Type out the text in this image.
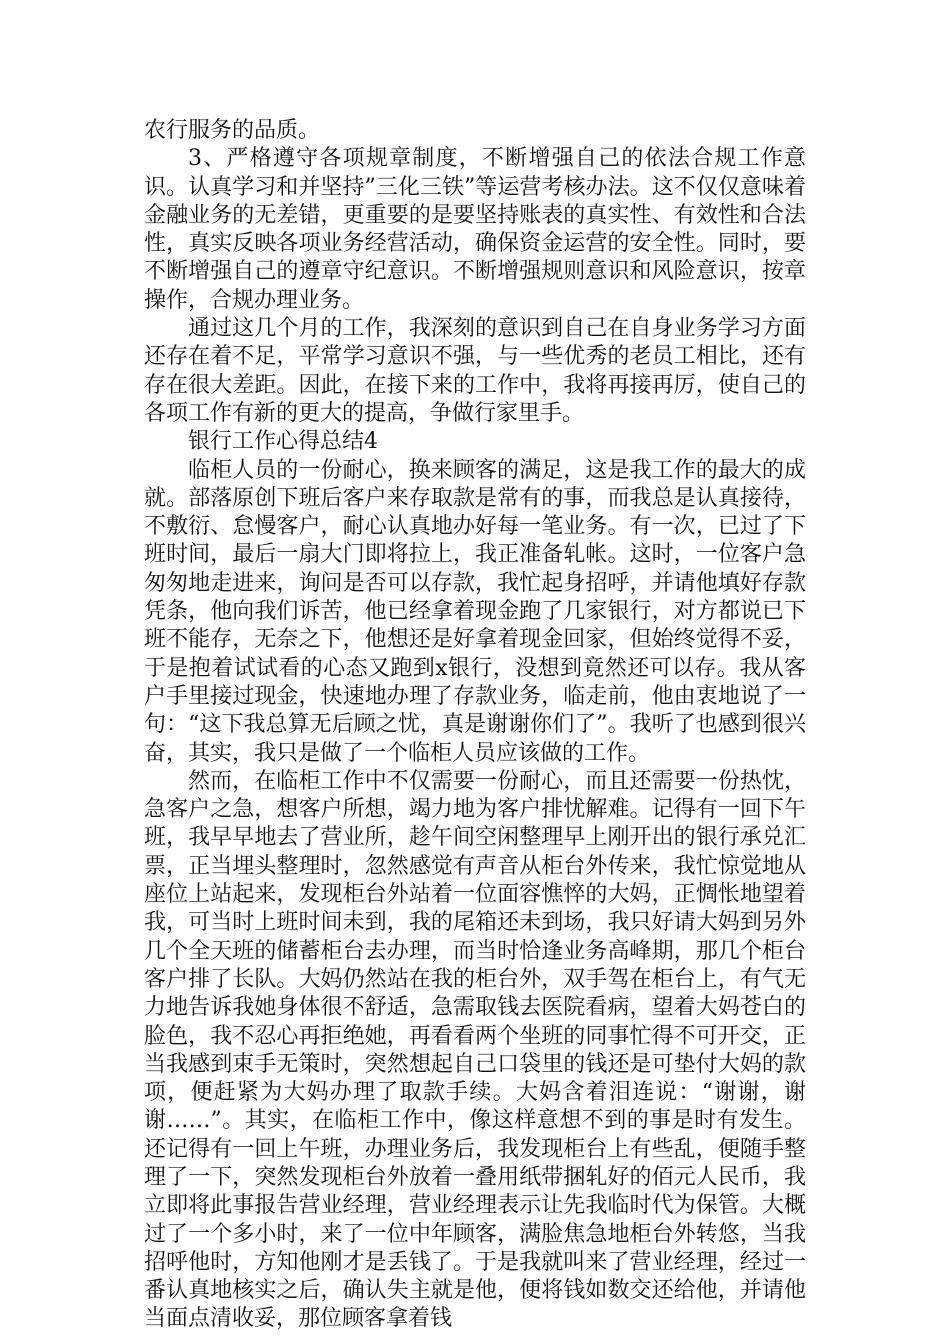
农行服务的品质。

3、严格遵守各项规章制度，不断增强自己的依法合规工作意识。认真学习和并坚持”三化三铁”等运营考核办法。这不仅仅意味着金融业务的无差错，更重要的是要坚持账表的真实性、有效性和合法性，真实反映各项业务经营活动，确保资金运营的安全性。同时，要不断增强自己的遵章守纪意识。不断增强规则意识和风险意识，按章操作，合规办理业务。

通过这几个月的工作，我深刻的意识到自己在自身业务学习方面还存在着不足，平常学习意识不强，与一些优秀的老员工相比，还有存在很大差距。因此，在接下来的工作中，我将再接再厉，使自己的各项工作有新的更大的提高，争做行家里手。

银行工作心得总结4

临柜人员的一份耐心，换来顾客的满足，这是我工作的最大的成就。部落原创下班后客户来存取款是常有的事，而我总是认真接待，不敷衍、怠慢客户，耐心认真地办好每一笔业务。有一次，已过了下班时间，最后一扇大门即将拉上，我正准备轧帐。这时，一位客户急匆匆地走进来，询问是否可以存款，我忙起身招呼，并请他填好存款凭条，他向我们诉苦，他已经拿着现金跑了几家银行，对方都说已下班不能存，无奈之下，他想还是好拿着现金回家，但始终觉得不妥，于是抱着试试看的心态又跑到x银行，没想到竟然还可以存。我从客户手里接过现金，快速地办理了存款业务，临走前，他由衷地说了一句：“这下我总算无后顾之忧，真是谢谢你们了”。我听了也感到很兴奋，其实，我只是做了一个临柜人员应该做的工作。

然而，在临柜工作中不仅需要一份耐心，而且还需要一份热忱，急客户之急，想客户所想，竭力地为客户排忧解难。记得有一回下午班，我早早地去了营业所，趁午间空闲整理早上刚开出的银行承兑汇票，正当埋头整理时，忽然感觉有声音从柜台外传来，我忙惊觉地从座位上站起来，发现柜台外站着一位面容憔悴的大妈，正惆怅地望着我，可当时上班时间未到，我的尾箱还未到场，我只好请大妈到另外几个全天班的储蓄柜台去办理，而当时恰逢业务高峰期，那几个柜台客户排了长队。大妈仍然站在我的柜台外，双手驾在柜台上，有气无力地告诉我她身体很不舒适，急需取钱去医院看病，望着大妈苍白的脸色，我不忍心再拒绝她，再看看两个坐班的同事忙得不可开交，正当我感到束手无策时，突然想起自己口袋里的钱还是可垫付大妈的款项，便赶紧为大妈办理了取款手续。大妈含着泪连说：“谢谢，谢谢……”。其实，在临柜工作中，像这样意想不到的事是时有发生。还记得有一回上午班，办理业务后，我发现柜台上有些乱，便随手整理了一下，突然发现柜台外放着一叠用纸带捆轧好的佰元人民币，我立即将此事报告营业经理，营业经理表示让先我临时代为保管。大概过了一个多小时，来了一位中年顾客，满脸焦急地柜台外转悠，当我招呼他时，方知他刚才是丢钱了。于是我就叫来了营业经理，经过一番认真地核实之后，确认失主就是他，便将钱如数交还给他，并请他当面点清收妥，那位顾客拿着钱
